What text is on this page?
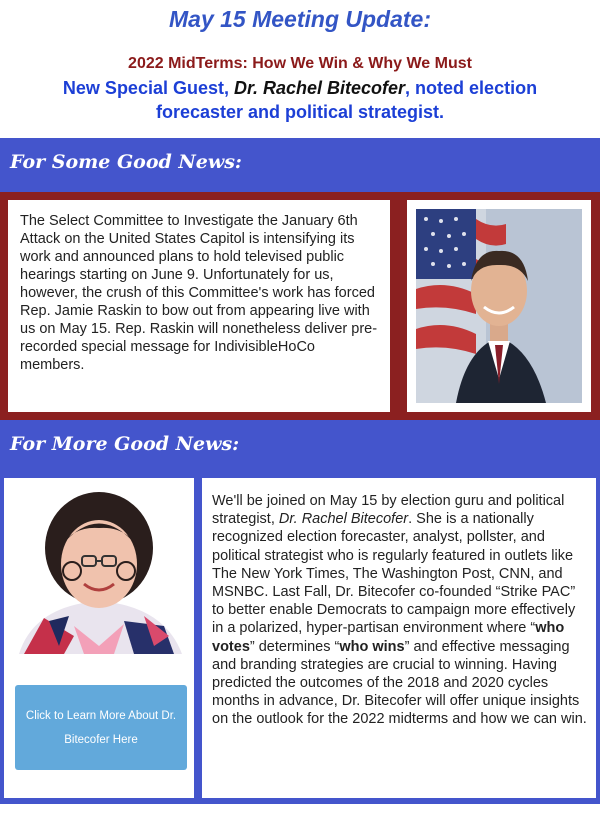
May 15 Meeting Update:
2022 MidTerms: How We Win & Why We Must
New Special Guest, Dr. Rachel Bitecofer, noted election forecaster and political strategist.
For Some Good News:

The Select Committee to Investigate the January 6th Attack on the United States Capitol is intensifying its work and announced plans to hold televised public hearings starting on June 9. Unfortunately for us, however, the crush of this Committee's work has forced Rep. Jamie Raskin to bow out from appearing live with us on May 15. Rep. Raskin will nonetheless deliver pre-recorded special message for IndivisibleHoCo members.

For More Good News:
Click to Learn More About Dr. Bitecofer Here

We'll be joined on May 15 by election guru and political strategist, Dr. Rachel Bitecofer. She is a nationally recognized election forecaster, analyst, pollster, and political strategist who is regularly featured in outlets like The New York Times, The Washington Post, CNN, and MSNBC. Last Fall, Dr. Bitecofer co-founded “Strike PAC” to better enable Democrats to campaign more effectively in a polarized, hyper-partisan environment where “who votes” determines “who wins” and effective messaging and branding strategies are crucial to winning. Having predicted the outcomes of the 2018 and 2020 cycles months in advance, Dr. Bitecofer will offer unique insights on the outlook for the 2022 midterms and how we can win.
